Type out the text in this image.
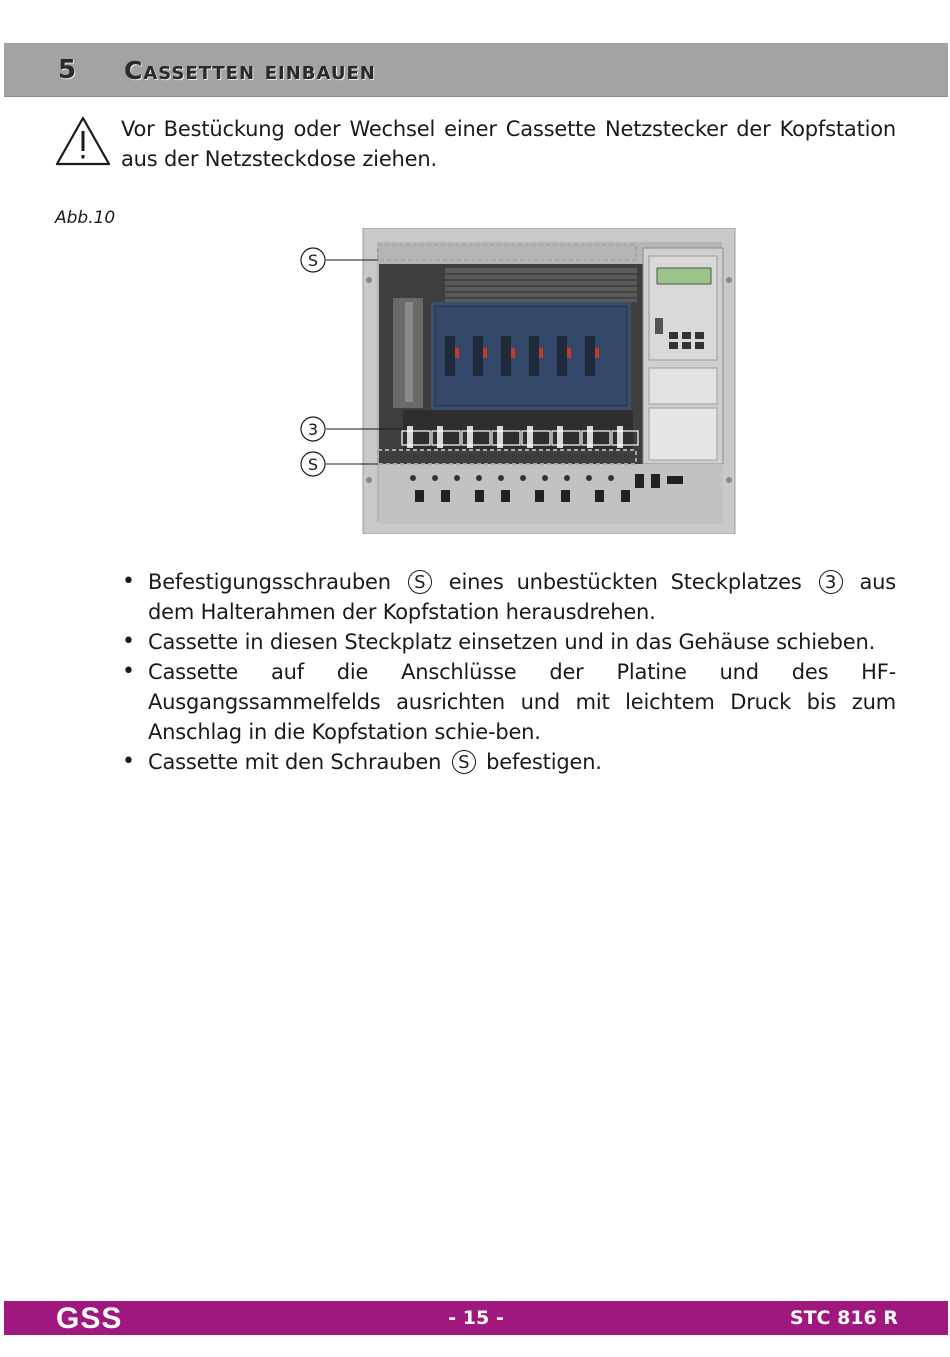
5 Cassetten einbauen
Vor Bestückung oder Wechsel einer Cassette Netzstecker der Kopfstation aus der Netzsteckdose ziehen.
Abb.10
S
3
S
• Befestigungsschrauben S eines unbestückten Steckplatzes 3 aus dem Halterahmen der Kopfstation herausdrehen.
• Cassette in diesen Steckplatz einsetzen und in das Gehäuse schieben.
• Cassette auf die Anschlüsse der Platine und des HF-Ausgangssammelfelds ausrichten und mit leichtem Druck bis zum Anschlag in die Kopfstation schie-ben.
• Cassette mit den Schrauben S befestigen.
GSS	- 15 -	STC 816 R
